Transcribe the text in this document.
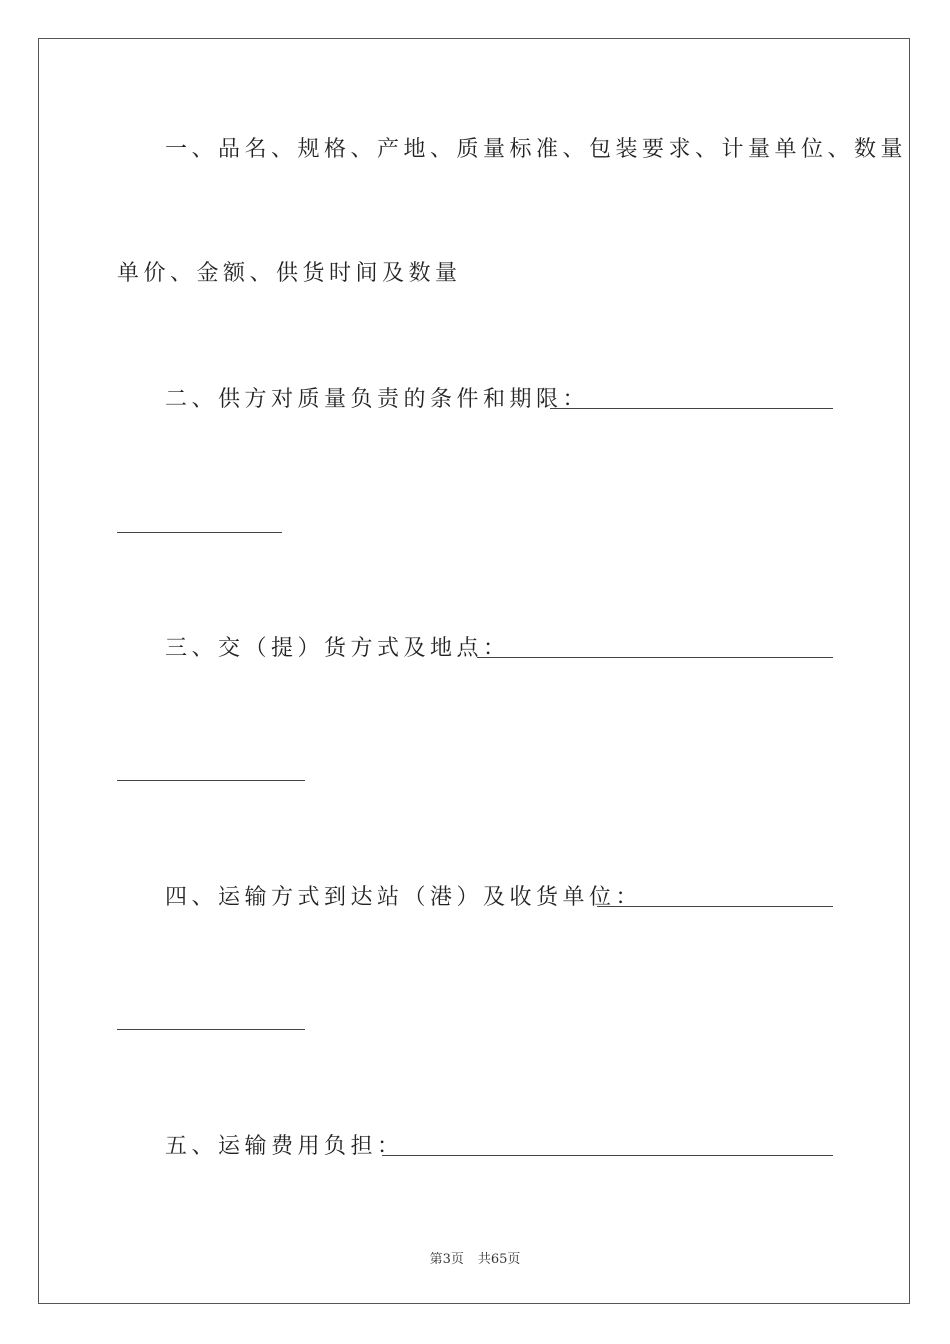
一、品名、规格、产地、质量标准、包装要求、计量单位、数量
单价、金额、供货时间及数量
二、供方对质量负责的条件和期限：
三、交（提）货方式及地点：
四、运输方式到达站（港）及收货单位：
五、运输费用负担：
第3页 共65页
